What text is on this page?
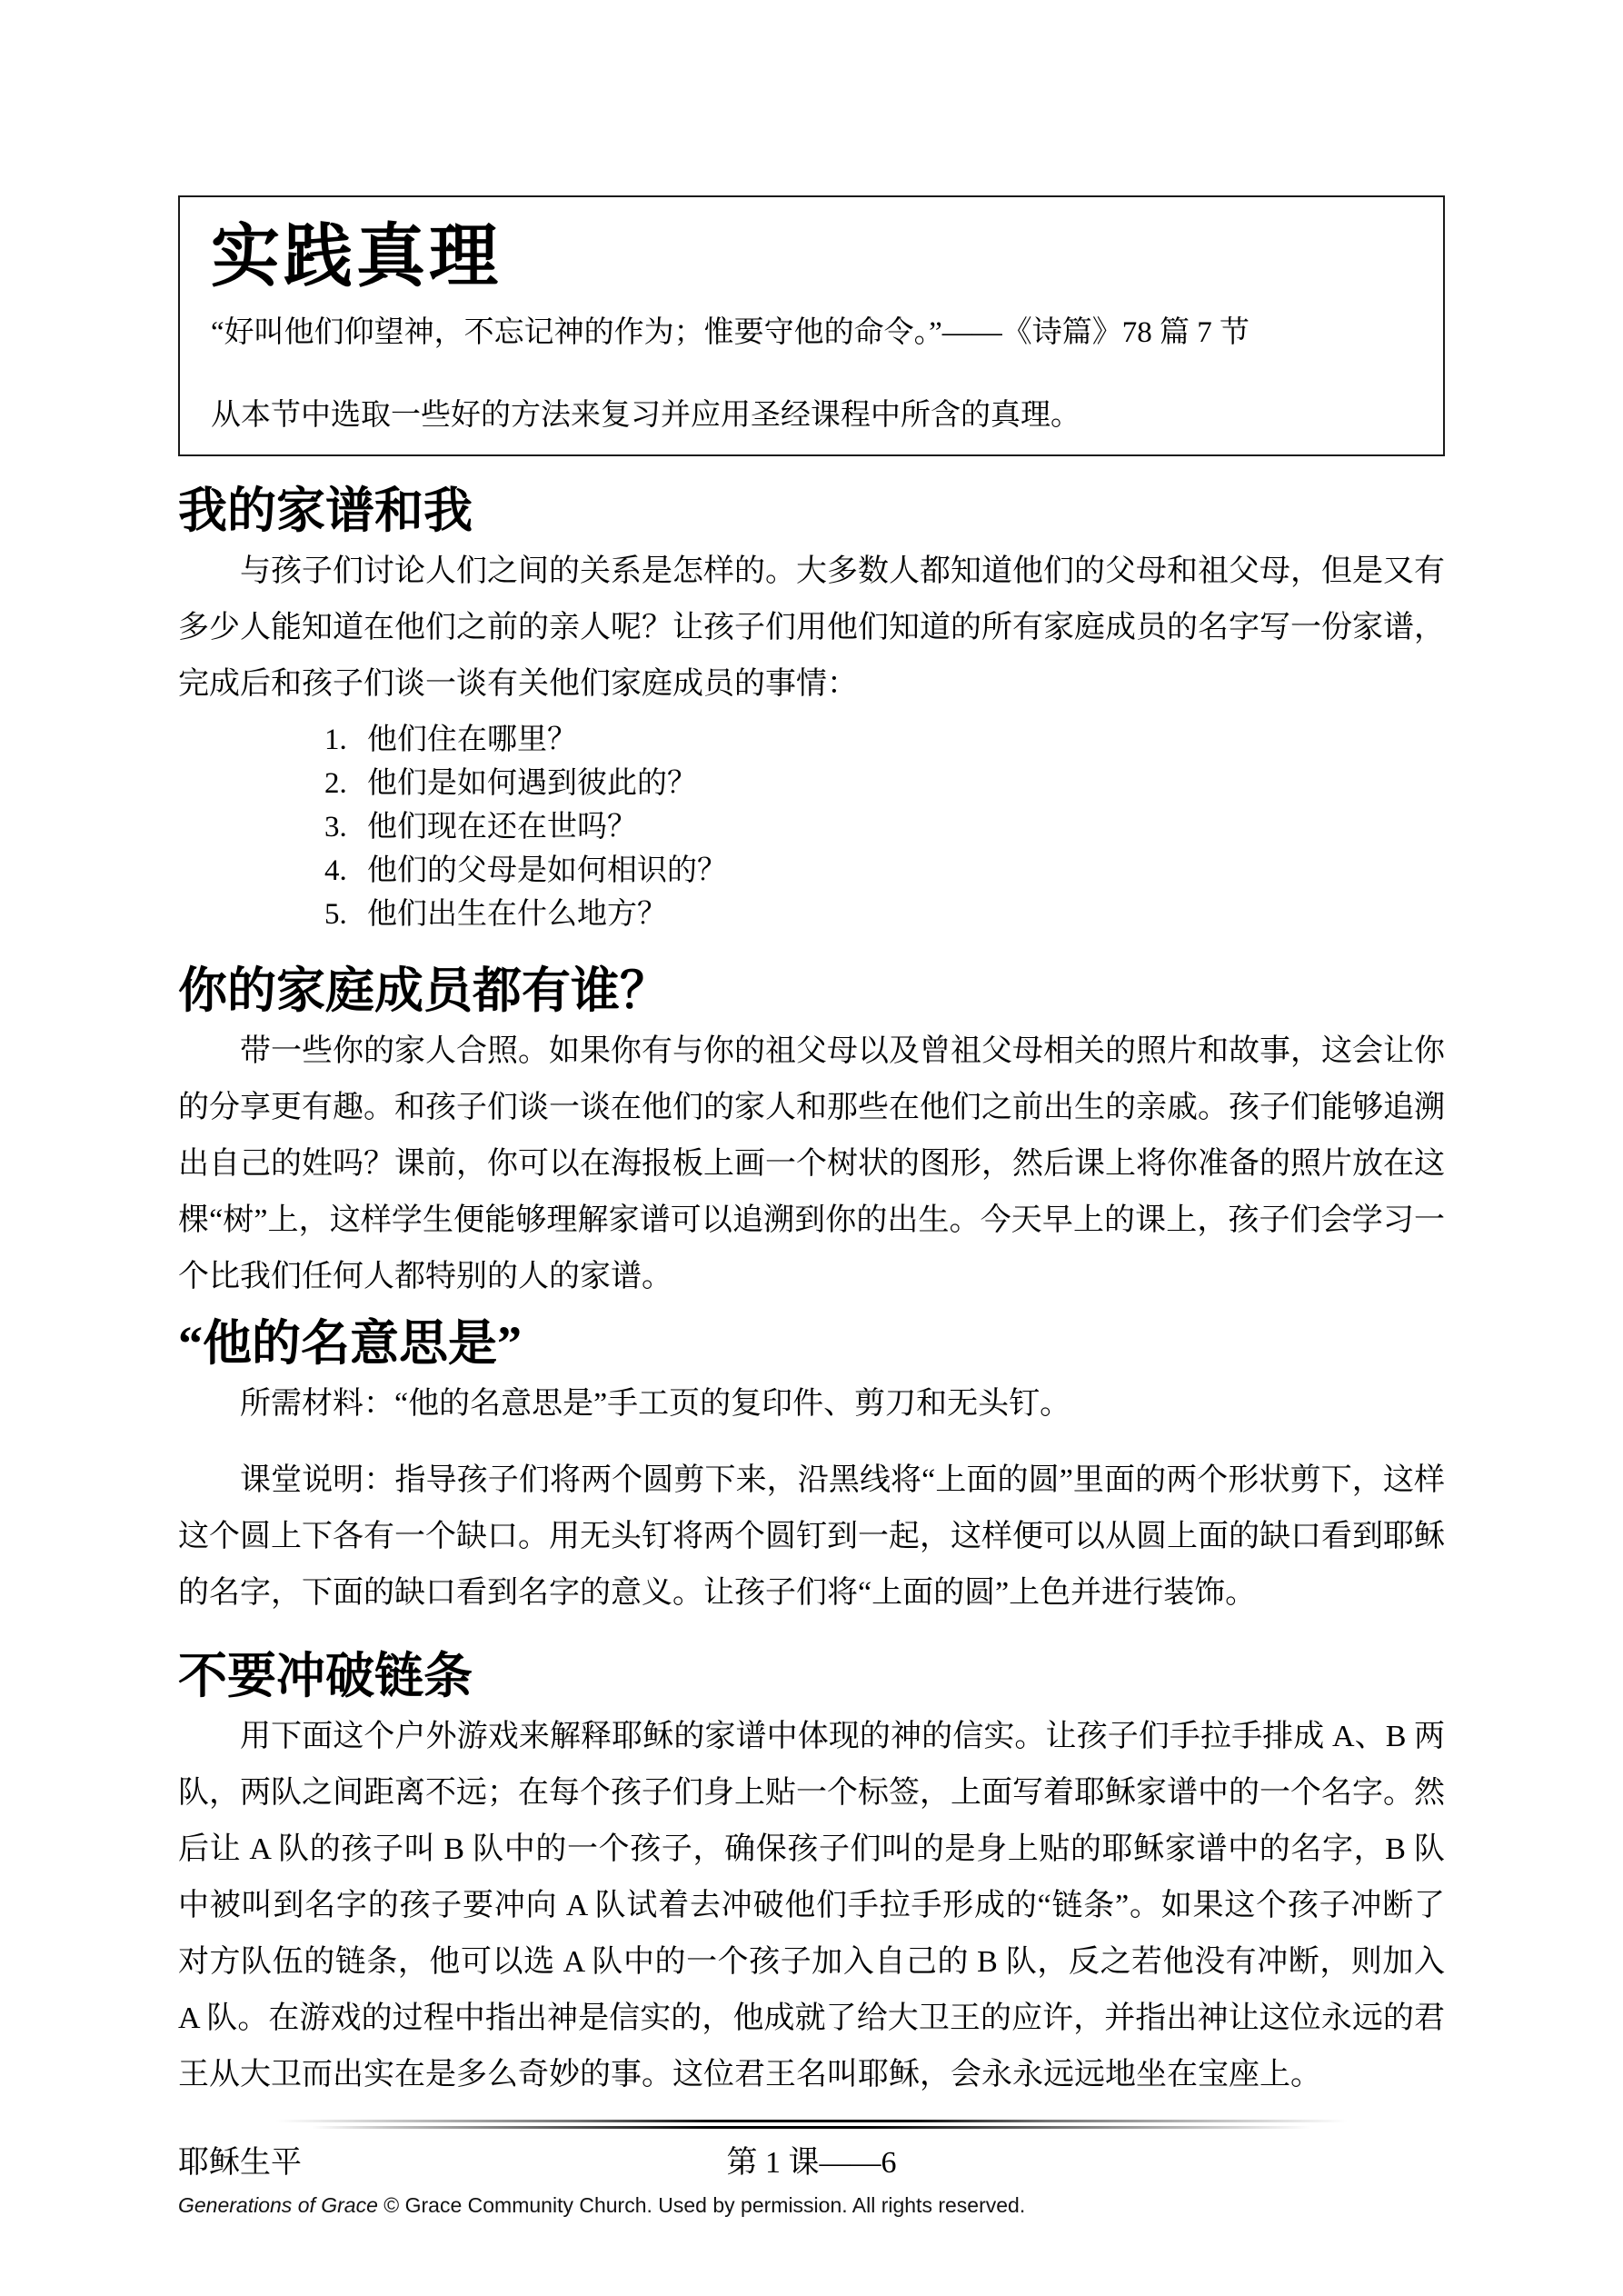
实践真理

“好叫他们仰望神，不忘记神的作为；惟要守他的命令。”——《诗篇》78 篇 7 节

从本节中选取一些好的方法来复习并应用圣经课程中所含的真理。

我的家谱和我

与孩子们讨论人们之间的关系是怎样的。大多数人都知道他们的父母和祖父母，但是又有多少人能知道在他们之前的亲人呢？让孩子们用他们知道的所有家庭成员的名字写一份家谱，完成后和孩子们谈一谈有关他们家庭成员的事情：

1. 他们住在哪里？
2. 他们是如何遇到彼此的？
3. 他们现在还在世吗？
4. 他们的父母是如何相识的？
5. 他们出生在什么地方？
你的家庭成员都有谁？

带一些你的家人合照。如果你有与你的祖父母以及曾祖父母相关的照片和故事，这会让你的分享更有趣。和孩子们谈一谈在他们的家人和那些在他们之前出生的亲戚。孩子们能够追溯出自己的姓吗？课前，你可以在海报板上画一个树状的图形，然后课上将你准备的照片放在这棵“树”上，这样学生便能够理解家谱可以追溯到你的出生。今天早上的课上，孩子们会学习一个比我们任何人都特别的人的家谱。

“他的名意思是”

所需材料：“他的名意思是”手工页的复印件、剪刀和无头钉。

课堂说明：指导孩子们将两个圆剪下来，沿黑线将“上面的圆”里面的两个形状剪下，这样这个圆上下各有一个缺口。用无头钉将两个圆钉到一起，这样便可以从圆上面的缺口看到耶稣的名字，下面的缺口看到名字的意义。让孩子们将“上面的圆”上色并进行装饰。

不要冲破链条

用下面这个户外游戏来解释耶稣的家谱中体现的神的信实。让孩子们手拉手排成 A、B 两队，两队之间距离不远；在每个孩子们身上贴一个标签，上面写着耶稣家谱中的一个名字。然后让 A 队的孩子叫 B 队中的一个孩子，确保孩子们叫的是身上贴的耶稣家谱中的名字，B 队中被叫到名字的孩子要冲向 A 队试着去冲破他们手拉手形成的“链条”。如果这个孩子冲断了对方队伍的链条，他可以选 A 队中的一个孩子加入自己的 B 队，反之若他没有冲断，则加入 A 队。在游戏的过程中指出神是信实的，他成就了给大卫王的应许，并指出神让这位永远的君王从大卫而出实在是多么奇妙的事。这位君王名叫耶稣，会永永远远地坐在宝座上。

耶稣生平	第 1 课——6
Generations of Grace © Grace Community Church. Used by permission. All rights reserved.
